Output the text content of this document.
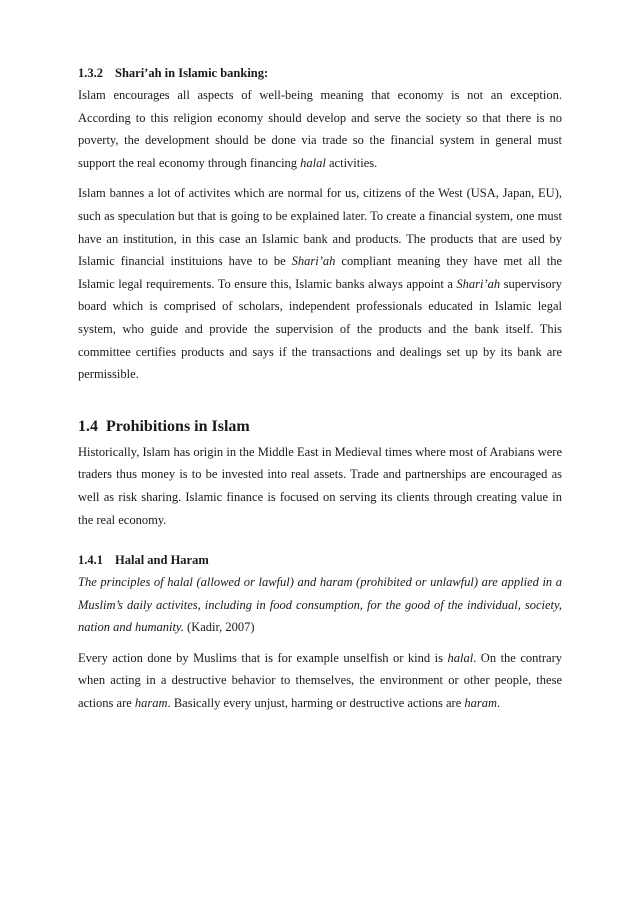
1.3.2 Shari’ah in Islamic banking:

Islam encourages all aspects of well-being meaning that economy is not an exception. According to this religion economy should develop and serve the society so that there is no poverty, the development should be done via trade so the financial system in general must support the real economy through financing halal activities.

Islam bannes a lot of activites which are normal for us, citizens of the West (USA, Japan, EU), such as speculation but that is going to be explained later. To create a financial system, one must have an institution, in this case an Islamic bank and products. The products that are used by Islamic financial instituions have to be Shari’ah compliant meaning they have met all the Islamic legal requirements. To ensure this, Islamic banks always appoint a Shari’ah supervisory board which is comprised of scholars, independent professionals educated in Islamic legal system, who guide and provide the supervision of the products and the bank itself. This committee certifies products and says if the transactions and dealings set up by its bank are permissible.

1.4 Prohibitions in Islam

Historically, Islam has origin in the Middle East in Medieval times where most of Arabians were traders thus money is to be invested into real assets. Trade and partnerships are encouraged as well as risk sharing. Islamic finance is focused on serving its clients through creating value in the real economy.

1.4.1 Halal and Haram

The principles of halal (allowed or lawful) and haram (prohibited or unlawful) are applied in a Muslim’s daily activites, including in food consumption, for the good of the individual, society, nation and humanity. (Kadir, 2007)

Every action done by Muslims that is for example unselfish or kind is halal. On the contrary when acting in a destructive behavior to themselves, the environment or other people, these actions are haram. Basically every unjust, harming or destructive actions are haram.
